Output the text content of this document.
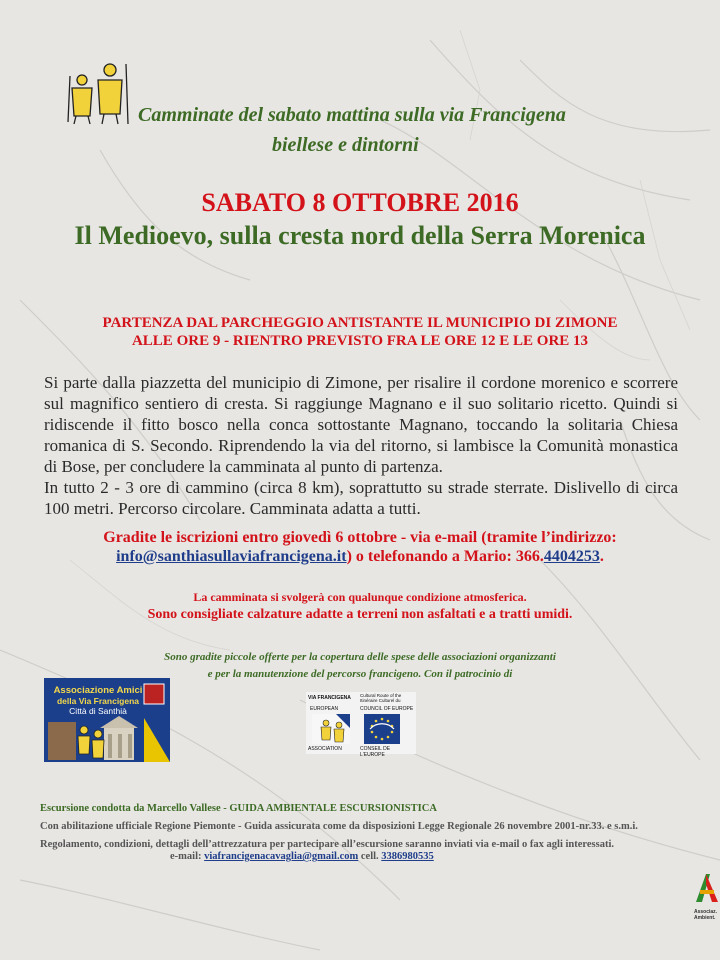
Camminate del sabato mattina sulla via Francigena
biellese e dintorni
SABATO 8 OTTOBRE 2016
Il Medioevo, sulla cresta nord della Serra Morenica
PARTENZA DAL PARCHEGGIO ANTISTANTE IL MUNICIPIO DI ZIMONE
ALLE ORE 9 - RIENTRO PREVISTO FRA LE ORE 12 E LE ORE 13

Si parte dalla piazzetta del municipio di Zimone, per risalire il cordone morenico e scorrere sul magnifico sentiero di cresta. Si raggiunge Magnano e il suo solitario ricetto. Quindi si ridiscende il fitto bosco nella conca sottostante Magnano, toccando la solitaria Chiesa romanica di S. Secondo. Riprendendo la via del ritorno, si lambisce la Comunità monastica di Bose, per concludere la camminata al punto di partenza.

In tutto 2 - 3 ore di cammino (circa 8 km), soprattutto su strade sterrate. Dislivello di circa 100 metri. Percorso circolare. Camminata adatta a tutti.

Gradite le iscrizioni entro giovedì 6 ottobre - via e-mail (tramite l’indirizzo:
info@santhiasullaviafrancigena.it) o telefonando a Mario: 366.4404253.
La camminata si svolgerà con qualunque condizione atmosferica.
Sono consigliate calzature adatte a terreni non asfaltati e a tratti umidi.
Sono gradite piccole offerte per la copertura delle spese delle associazioni organizzanti
e per la manutenzione del percorso francigeno. Con il patrocinio di
Associazione Amici
della Via Francigena
Città di Santhià
VIA FRANCIGENA	Cultural Route of the Itinéraire Culturel du
EUROPEAN	COUNCIL OF EUROPE
ASSOCIATION	CONSEIL DE L'EUROPE
Escursione condotta da Marcello Vallese - GUIDA AMBIENTALE ESCURSIONISTICA
Con abilitazione ufficiale Regione Piemonte - Guida assicurata come da disposizioni Legge Regionale 26 novembre 2001-nr.33. e s.m.i.
Regolamento, condizioni, dettagli dell’attrezzatura per partecipare all’escursione saranno inviati via e-mail o fax agli interessati.
e-mail: viafrancigenacavaglia@gmail.com cell. 3386980535
Associaz. Ambient.
